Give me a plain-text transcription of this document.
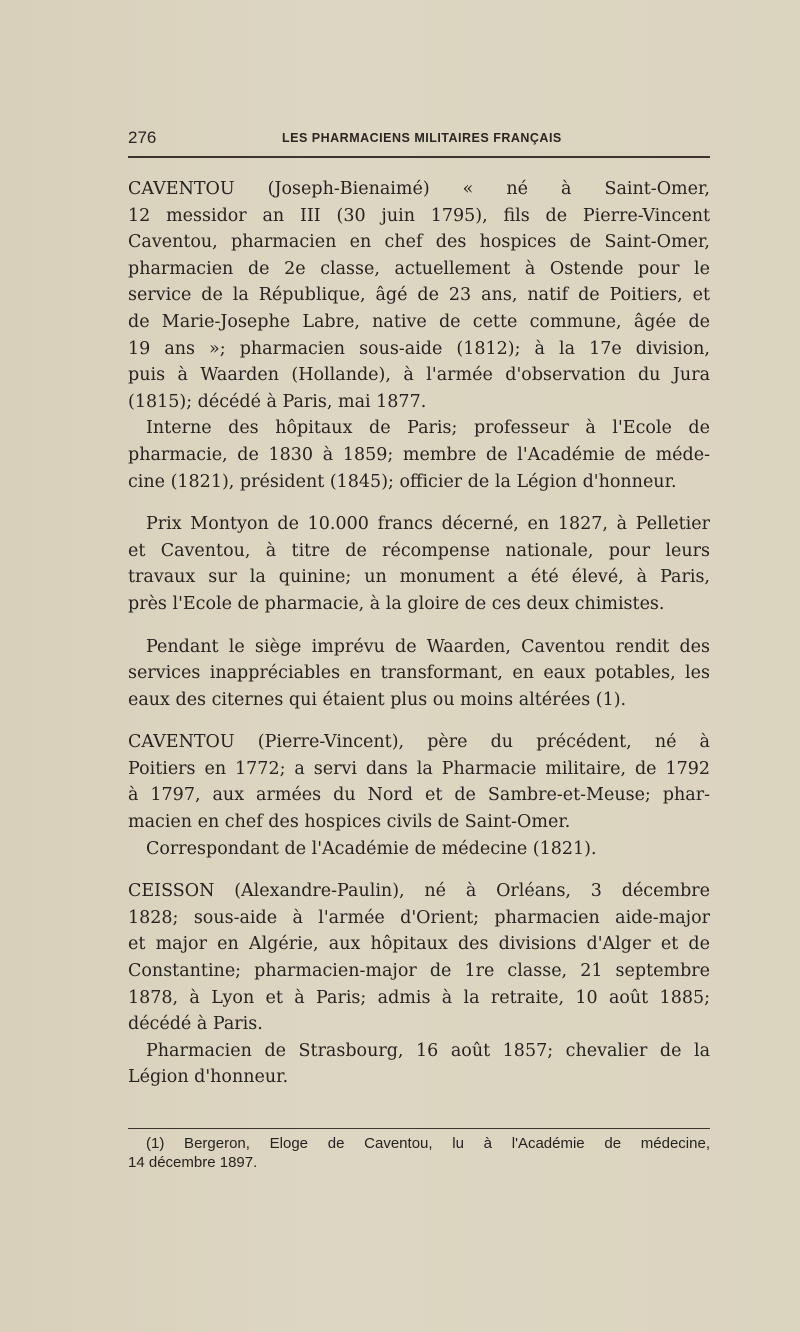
276	LES PHARMACIENS MILITAIRES FRANÇAIS
CAVENTOU (Joseph-Bienaimé) « né à Saint-Omer,
12 messidor an III (30 juin 1795), fils de Pierre-Vincent
Caventou, pharmacien en chef des hospices de Saint-Omer,
pharmacien de 2e classe, actuellement à Ostende pour le
service de la République, âgé de 23 ans, natif de Poitiers, et
de Marie-Josephe Labre, native de cette commune, âgée de
19 ans »; pharmacien sous-aide (1812); à la 17e division,
puis à Waarden (Hollande), à l'armée d'observation du Jura
(1815); décédé à Paris, mai 1877.
Interne des hôpitaux de Paris; professeur à l'Ecole de
pharmacie, de 1830 à 1859; membre de l'Académie de méde-
cine (1821), président (1845); officier de la Légion d'honneur.
Prix Montyon de 10.000 francs décerné, en 1827, à Pelletier
et Caventou, à titre de récompense nationale, pour leurs
travaux sur la quinine; un monument a été élevé, à Paris,
près l'Ecole de pharmacie, à la gloire de ces deux chimistes.
Pendant le siège imprévu de Waarden, Caventou rendit des
services inappréciables en transformant, en eaux potables, les
eaux des citernes qui étaient plus ou moins altérées (1).
CAVENTOU (Pierre-Vincent), père du précédent, né à
Poitiers en 1772; a servi dans la Pharmacie militaire, de 1792
à 1797, aux armées du Nord et de Sambre-et-Meuse; phar-
macien en chef des hospices civils de Saint-Omer.
Correspondant de l'Académie de médecine (1821).
CEISSON (Alexandre-Paulin), né à Orléans, 3 décembre
1828; sous-aide à l'armée d'Orient; pharmacien aide-major
et major en Algérie, aux hôpitaux des divisions d'Alger et de
Constantine; pharmacien-major de 1re classe, 21 septembre
1878, à Lyon et à Paris; admis à la retraite, 10 août 1885;
décédé à Paris.
Pharmacien de Strasbourg, 16 août 1857; chevalier de la
Légion d'honneur.
(1) Bergeron, Eloge de Caventou, lu à l'Académie de médecine,
14 décembre 1897.
